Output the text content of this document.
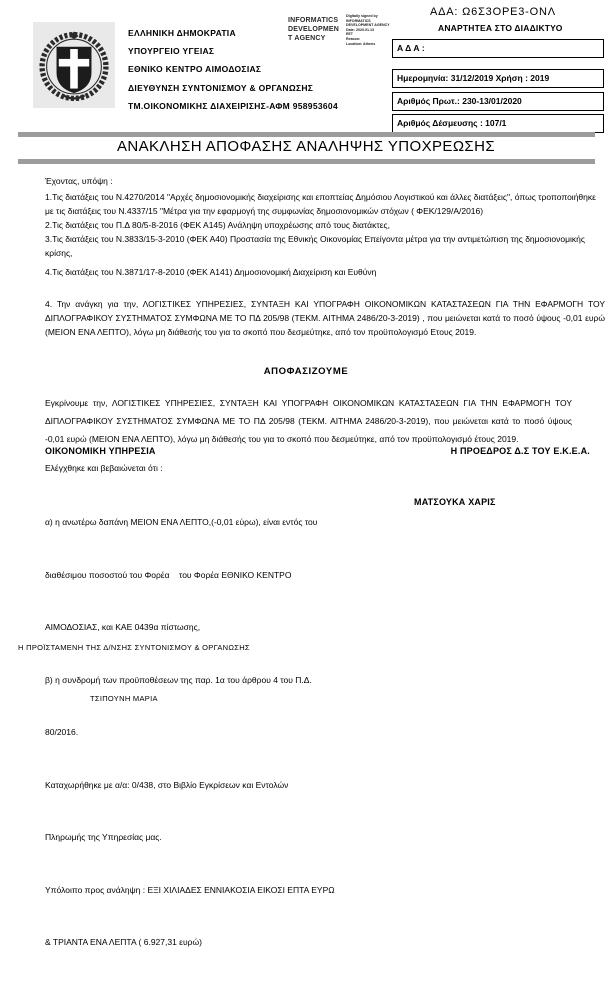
ΕΛΛΗΝΙΚΗ ΔΗΜΟΚΡΑΤΙΑ
ΥΠΟΥΡΓΕΙΟ ΥΓΕΙΑΣ
ΕΘΝΙΚΟ ΚΕΝΤΡΟ ΑΙΜΟΔΟΣΙΑΣ
ΔΙΕΥΘΥΝΣΗ ΣΥΝΤΟΝΙΣΜΟΥ & ΟΡΓΑΝΩΣΗΣ
ΤΜ.ΟΙΚΟΝΟΜΙΚΗΣ ΔΙΑΧΕΙΡΙΣΗΣ-ΑΦΜ 958953604
INFORMATICS
DEVELOPMEN
T AGENCY
Digitally signed by
INFORMATICS
DEVELOPMENT AGENCY
Date: 2020.01.13
EET
Reason:
Location: Athens
ΑΔΑ: Ω6Σ3ΟΡΕ3-ΟΝΛ
ΑΝΑΡΤΗΤΕΑ ΣΤΟ ΔΙΑΔΙΚΤΥΟ
Α Δ Α :
Ημερομηνία: 31/12/2019 Χρήση : 2019
Αριθμός Πρωτ.: 230-13/01/2020
Αριθμός Δέσμευσης : 107/1
ΑΝΑΚΛΗΣΗ ΑΠΟΦΑΣΗΣ ΑΝΑΛΗΨΗΣ ΥΠΟΧΡΕΩΣΗΣ
Έχοντας, υπόψη :
1.Τις διατάξεις του Ν.4270/2014 "Αρχές δημοσιονομικής διαχείρισης και εποπτείας Δημόσιου Λογιστικού και άλλες διατάξεις", όπως τροποποιήθηκε με τις διατάξεις του Ν.4337/15 "Μέτρα για την εφαρμογή της συμφωνίας δημοσιονομικών στόχων ( ΦΕΚ/129/Α/2016)
2.Τις διατάξεις του Π.Δ 80/5-8-2016 (ΦΕΚ Α145) Ανάληψη υποχρέωσης από τους διατάκτες,
3.Τις διατάξεις του Ν.3833/15-3-2010 (ΦΕΚ Α40) Προστασία της Εθνικής Οικονομίας Επείγοντα μέτρα για την αντιμετώπιση της δημοσιονομικής κρίσης,
4.Τις διατάξεις του Ν.3871/17-8-2010 (ΦΕΚ Α141) Δημοσιονομική Διαχείριση και Ευθύνη
4. Την ανάγκη για την, ΛΟΓΙΣΤΙΚΕΣ ΥΠΗΡΕΣΙΕΣ, ΣΥΝΤΑΞΗ ΚΑΙ ΥΠΟΓΡΑΦΗ ΟΙΚΟΝΟΜΙΚΩΝ ΚΑΤΑΣΤΑΣΕΩΝ ΓΙΑ ΤΗΝ ΕΦΑΡΜΟΓΗ ΤΟΥ ΔΙΠΛΟΓΡΑΦΙΚΟΥ ΣΥΣΤΗΜΑΤΟΣ ΣΥΜΦΩΝΑ ΜΕ ΤΟ ΠΔ 205/98 (ΤΕΚΜ. ΑΙΤΗΜΑ 2486/20-3-2019) , που μειώνεται κατά το ποσό ύψους -0,01 ευρώ (ΜΕΙΟΝ ΕΝΑ ΛΕΠΤΟ), λόγω μη διάθεσής του για το σκοπό που δεσμεύτηκε, από τον προϋπολογισμό Ετους 2019.
ΑΠΟΦΑΣΙΖΟΥΜΕ
Εγκρίνουμε την, ΛΟΓΙΣΤΙΚΕΣ ΥΠΗΡΕΣΙΕΣ, ΣΥΝΤΑΞΗ ΚΑΙ ΥΠΟΓΡΑΦΗ ΟΙΚΟΝΟΜΙΚΩΝ ΚΑΤΑΣΤΑΣΕΩΝ ΓΙΑ ΤΗΝ ΕΦΑΡΜΟΓΗ ΤΟΥ ΔΙΠΛΟΓΡΑΦΙΚΟΥ ΣΥΣΤΗΜΑΤΟΣ ΣΥΜΦΩΝΑ ΜΕ ΤΟ ΠΔ 205/98 (ΤΕΚΜ. ΑΙΤΗΜΑ 2486/20-3-2019), που μειώνεται κατά το ποσό ύψους -0,01 ευρώ (ΜΕΙΟΝ ΕΝΑ ΛΕΠΤΟ), λόγω μη διάθεσής του για το σκοπό που δεσμεύτηκε, από τον προϋπολογισμό έτους 2019.
ΟΙΚΟΝΟΜΙΚΗ ΥΠΗΡΕΣΙΑ	Η ΠΡΟΕΔΡΟΣ Δ.Σ ΤΟΥ Ε.Κ.Ε.Α.
Ελέγχθηκε και βεβαιώνεται ότι :

α) η ανωτέρω δαπάνη ΜΕΙΟΝ ΕΝΑ ΛΕΠΤΟ,(-0,01 εύρω), είναι εντός του

διαθέσιμου ποσοστού του Φορέα    του Φορέα ΕΘΝΙΚΟ ΚΕΝΤΡΟ

ΑΙΜΟΔΟΣΙΑΣ, και ΚΑΕ 0439α πίστωσης,

β) η συνδρομή των προϋποθέσεων της παρ. 1α του άρθρου 4 του Π.Δ.

80/2016.

Καταχωρήθηκε με α/α: 0/438, στο Βιβλίο Εγκρίσεων και Εντολών

Πληρωμής της Υπηρεσίας μας.

Υπόλοιπο προς ανάληψη : ΕΞΙ ΧΙΛΙΑΔΕΣ ΕΝΝΙΑΚΟΣΙΑ ΕΙΚΟΣΙ ΕΠΤΑ ΕΥΡΩ

& ΤΡΙΑΝΤΑ ΕΝΑ ΛΕΠΤΑ ( 6.927,31 ευρώ)

ΜΑΤΣΟΥΚΑ ΧΑΡΙΣ
Η ΠΡΟΪΣΤΑΜΕΝΗ ΤΗΣ Δ/ΝΣΗΣ ΣΥΝΤΟΝΙΣΜΟΥ & ΟΡΓΑΝΩΣΗΣ
ΤΣΙΠΟΥΝΗ ΜΑΡΙΑ
